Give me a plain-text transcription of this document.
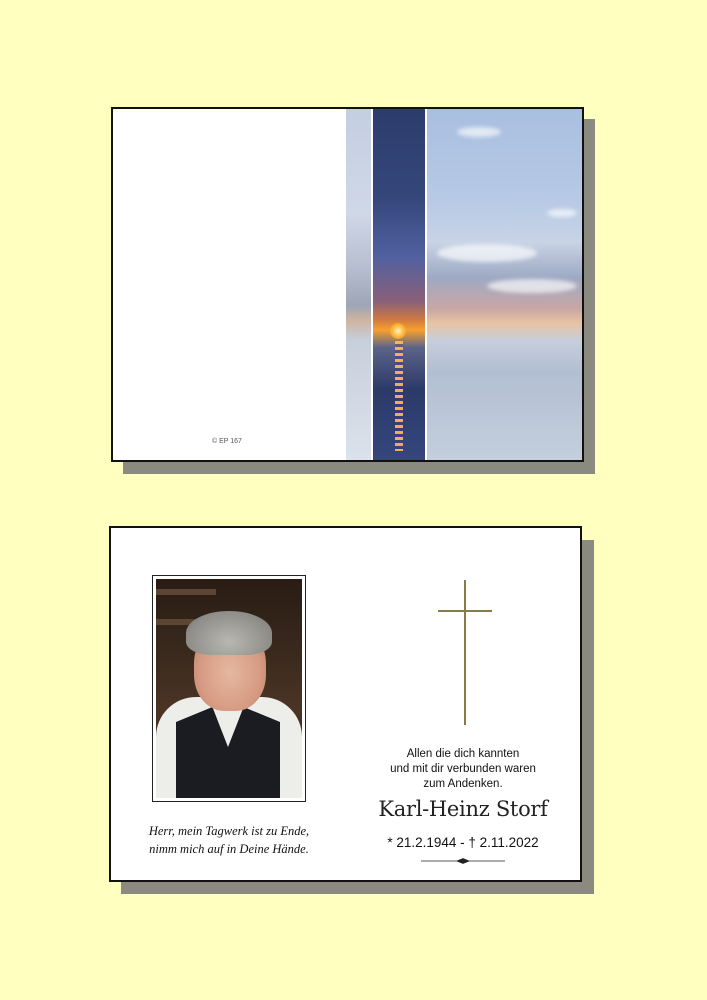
© EP 167
Allen die dich kannten
und mit dir verbunden waren
zum Andenken.
Karl-Heinz Storf
* 21.2.1944 - † 2.11.2022
Herr, mein Tagwerk ist zu Ende,
nimm mich auf in Deine Hände.
